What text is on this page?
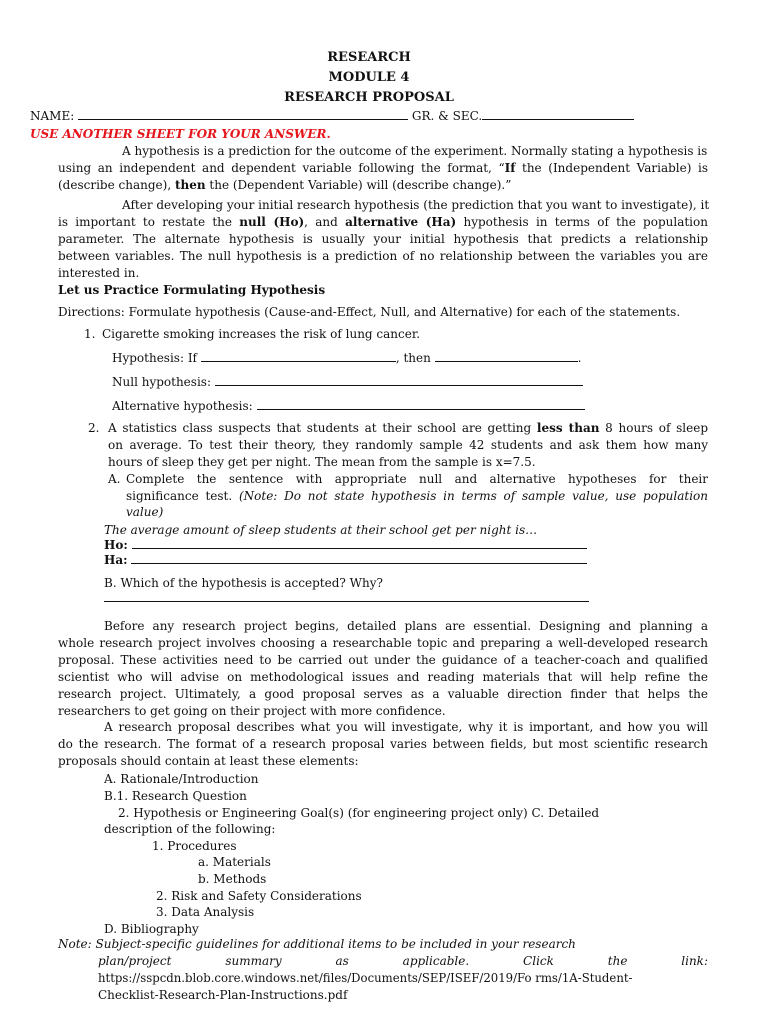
RESEARCH
MODULE 4
RESEARCH PROPOSAL
NAME:	GR. & SEC.
USE ANOTHER SHEET FOR YOUR ANSWER.
A hypothesis is a prediction for the outcome of the experiment. Normally stating a hypothesis is
using an independent and dependent variable following the format, “If the (Independent Variable) is
(describe change), then the (Dependent Variable) will (describe change).”
After developing your initial research hypothesis (the prediction that you want to investigate), it
is important to restate the null (Ho), and alternative (Ha) hypothesis in terms of the population
parameter. The alternate hypothesis is usually your initial hypothesis that predicts a relationship
between variables. The null hypothesis is a prediction of no relationship between the variables you are
interested in.
Let us Practice Formulating Hypothesis
Directions: Formulate hypothesis (Cause-and-Effect, Null, and Alternative) for each of the statements.
1. Cigarette smoking increases the risk of lung cancer.
Hypothesis: If	, then	.
Null hypothesis:
Alternative hypothesis:
2. A statistics class suspects that students at their school are getting less than 8 hours of sleep
on average. To test their theory, they randomly sample 42 students and ask them how many
hours of sleep they get per night. The mean from the sample is x=7.5.
A. Complete the sentence with appropriate null and alternative hypotheses for their
significance test. (Note: Do not state hypothesis in terms of sample value, use population
value)
The average amount of sleep students at their school get per night is…
Ho:
Ha:
B. Which of the hypothesis is accepted? Why?
Before any research project begins, detailed plans are essential. Designing and planning a
whole research project involves choosing a researchable topic and preparing a well-developed research
proposal. These activities need to be carried out under the guidance of a teacher-coach and qualified
scientist who will advise on methodological issues and reading materials that will help refine the
research project. Ultimately, a good proposal serves as a valuable direction finder that helps the
researchers to get going on their project with more confidence.
A research proposal describes what you will investigate, why it is important, and how you will
do the research. The format of a research proposal varies between fields, but most scientific research
proposals should contain at least these elements:
A. Rationale/Introduction
B.1. Research Question
2. Hypothesis or Engineering Goal(s) (for engineering project only) C. Detailed
description of the following:
1. Procedures
a. Materials
b. Methods
2. Risk and Safety Considerations
3. Data Analysis
D. Bibliography
Note: Subject-specific guidelines for additional items to be included in your research
plan/project	summary	as	applicable.	Click	the	link:
https://sspcdn.blob.core.windows.net/files/Documents/SEP/ISEF/2019/Fo rms/1A-Student-
Checklist-Research-Plan-Instructions.pdf
